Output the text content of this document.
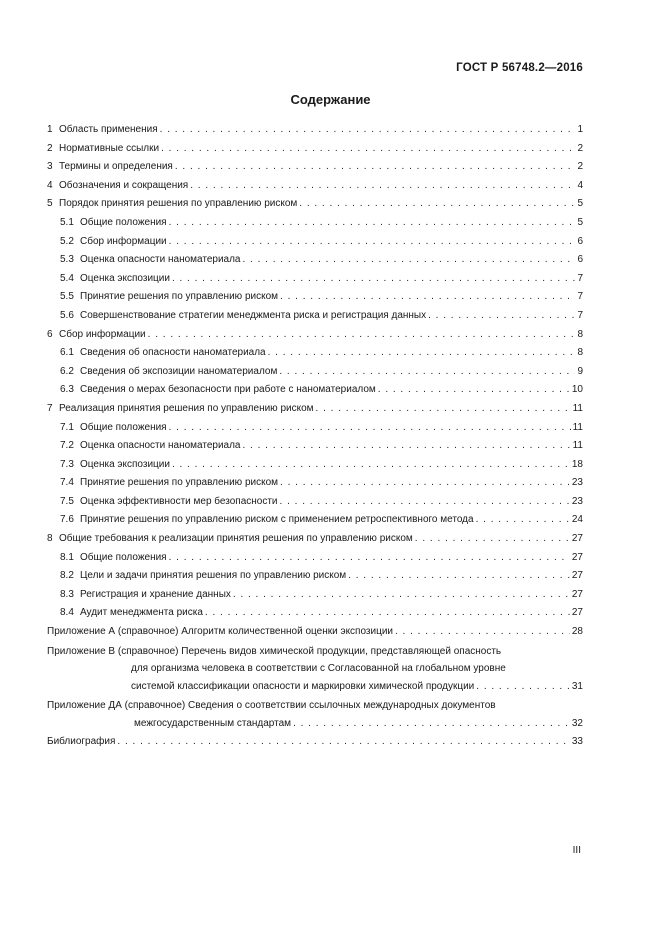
ГОСТ Р 56748.2—2016
Содержание
1 Область применения . . .	1
2 Нормативные ссылки . . .	2
3 Термины и определения . . .	2
4 Обозначения и сокращения . . .	4
5 Порядок принятия решения по управлению риском . . .	5
5.1 Общие положения . . .	5
5.2 Сбор информации . . .	6
5.3 Оценка опасности наноматериала . . .	6
5.4 Оценка экспозиции . . .	7
5.5 Принятие решения по управлению риском . . .	7
5.6 Совершенствование стратегии менеджмента риска и регистрация данных . . .	7
6 Сбор информации . . .	8
6.1 Сведения об опасности наноматериала . . .	8
6.2 Сведения об экспозиции наноматериалом . . .	9
6.3 Сведения о мерах безопасности при работе с наноматериалом . . .	10
7 Реализация принятия решения по управлению риском . . .	11
7.1 Общие положения . . .	11
7.2 Оценка опасности наноматериала . . .	11
7.3 Оценка экспозиции . . .	18
7.4 Принятие решения по управлению риском . . .	23
7.5 Оценка эффективности мер безопасности . . .	23
7.6 Принятие решения по управлению риском с применением ретроспективного метода . . .	24
8 Общие требования к реализации принятия решения по управлению риском . . .	27
8.1 Общие положения . . .	27
8.2 Цели и задачи принятия решения по управлению риском . . .	27
8.3 Регистрация и хранение данных . . .	27
8.4 Аудит менеджмента риска . . .	27
Приложение А (справочное) Алгоритм количественной оценки экспозиции . . .	28
Приложение В (справочное) Перечень видов химической продукции, представляющей опасность
для организма человека в соответствии с Согласованной на глобальном уровне
системой классификации опасности и маркировки химической продукции . . .	31
Приложение ДА (справочное) Сведения о соответствии ссылочных международных документов
межгосударственным стандартам . . .	32
Библиография . . .	33
III
